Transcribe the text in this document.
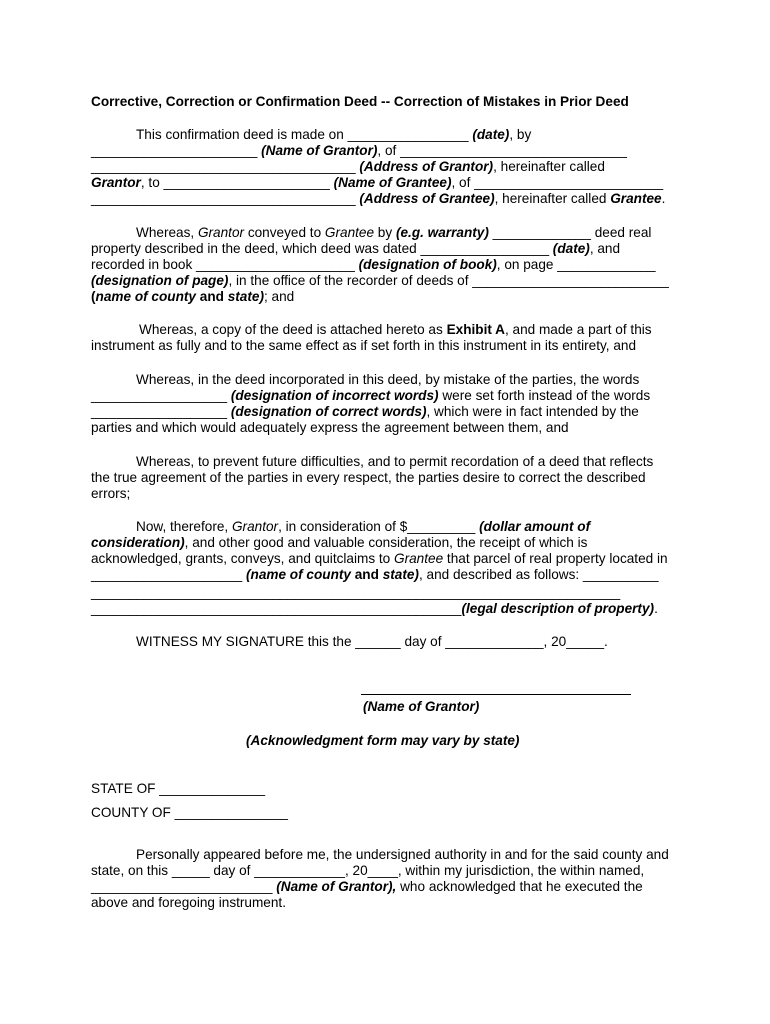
Corrective, Correction or Confirmation Deed -- Correction of Mistakes in Prior Deed
This confirmation deed is made on ________________ (date), by
______________________ (Name of Grantor), of ______________________________
___________________________________ (Address of Grantor), hereinafter called
Grantor, to ______________________ (Name of Grantee), of _________________________
___________________________________ (Address of Grantee), hereinafter called Grantee.
Whereas, Grantor conveyed to Grantee by (e.g. warranty) _____________ deed real
property described in the deed, which deed was dated _________________ (date), and
recorded in book _____________________ (designation of book), on page _____________
(designation of page), in the office of the recorder of deeds of __________________________
(name of county and state); and
Whereas, a copy of the deed is attached hereto as Exhibit A, and made a part of this
instrument as fully and to the same effect as if set forth in this instrument in its entirety, and
Whereas, in the deed incorporated in this deed, by mistake of the parties, the words
__________________ (designation of incorrect words) were set forth instead of the words
__________________ (designation of correct words), which were in fact intended by the
parties and which would adequately express the agreement between them, and
Whereas, to prevent future difficulties, and to permit recordation of a deed that reflects
the true agreement of the parties in every respect, the parties desire to correct the described
errors;
Now, therefore, Grantor, in consideration of $_________ (dollar amount of
consideration), and other good and valuable consideration, the receipt of which is
acknowledged, grants, conveys, and quitclaims to Grantee that parcel of real property located in
____________________ (name of county and state), and described as follows: __________
______________________________________________________________________
_________________________________________________(legal description of property).
WITNESS MY SIGNATURE this the ______ day of _____________, 20_____.
(Name of Grantor)
(Acknowledgment form may vary by state)
STATE OF ______________
COUNTY OF _______________
Personally appeared before me, the undersigned authority in and for the said county and
state, on this _____ day of ____________, 20____, within my jurisdiction, the within named,
________________________ (Name of Grantor), who acknowledged that he executed the
above and foregoing instrument.
